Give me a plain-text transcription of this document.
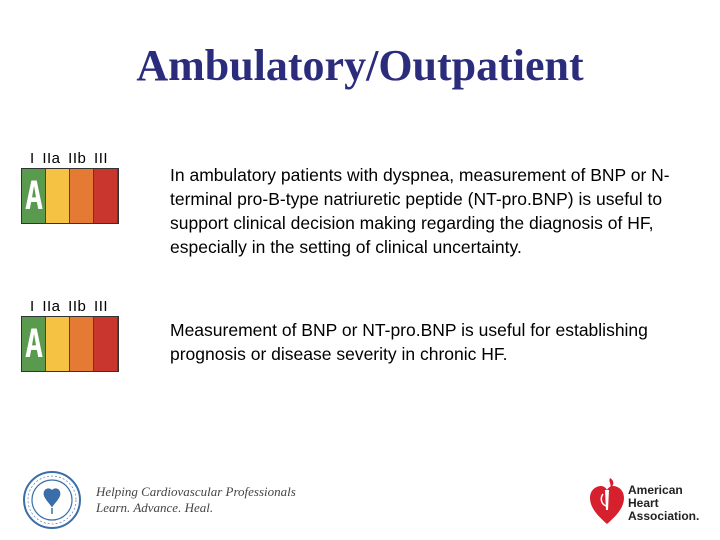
Ambulatory/Outpatient
I IIa IIb III
A	In ambulatory patients with dyspnea, measurement of BNP or N-terminal pro-B-type natriuretic peptide (NT-pro.BNP) is useful to support clinical decision making regarding the diagnosis of HF, especially in the setting of clinical uncertainty.
I IIa IIb III
A	Measurement of BNP or NT-pro.BNP is useful for establishing prognosis or disease severity in chronic HF.
Helping Cardiovascular Professionals
Learn. Advance. Heal.
American
Heart
Association.
